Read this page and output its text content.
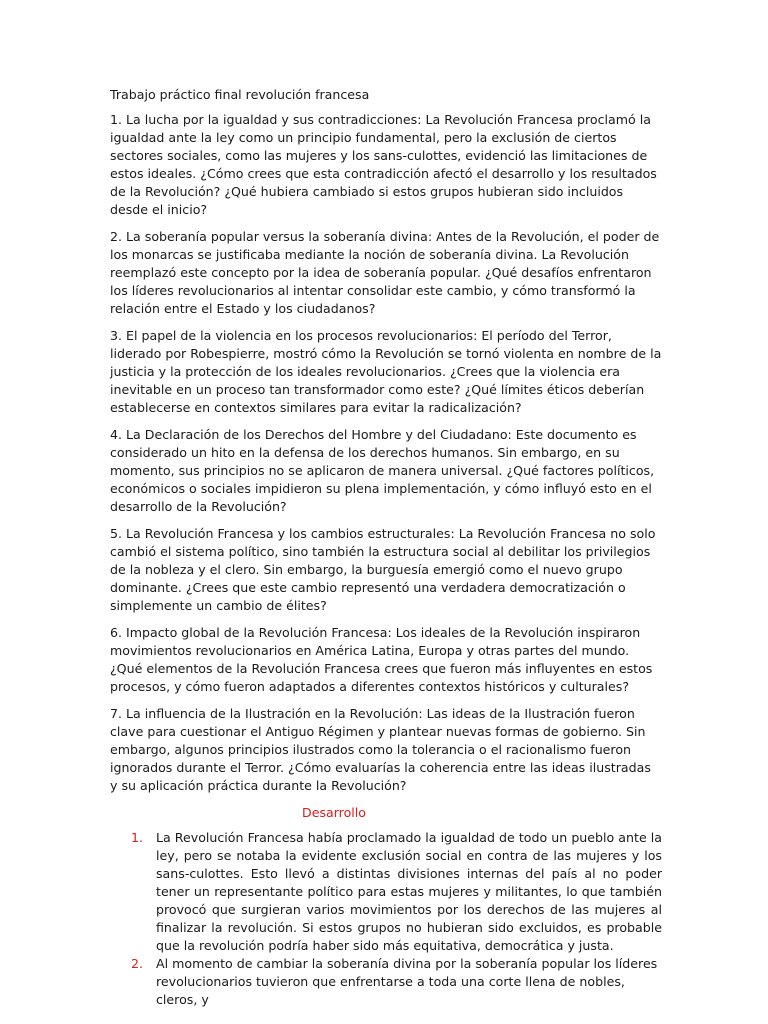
Trabajo práctico final revolución francesa

1. La lucha por la igualdad y sus contradicciones: La Revolución Francesa proclamó la igualdad ante la ley como un principio fundamental, pero la exclusión de ciertos sectores sociales, como las mujeres y los sans-culottes, evidenció las limitaciones de estos ideales. ¿Cómo crees que esta contradicción afectó el desarrollo y los resultados de la Revolución? ¿Qué hubiera cambiado si estos grupos hubieran sido incluidos desde el inicio?

2. La soberanía popular versus la soberanía divina: Antes de la Revolución, el poder de los monarcas se justificaba mediante la noción de soberanía divina. La Revolución reemplazó este concepto por la idea de soberanía popular. ¿Qué desafíos enfrentaron los líderes revolucionarios al intentar consolidar este cambio, y cómo transformó la relación entre el Estado y los ciudadanos?

3. El papel de la violencia en los procesos revolucionarios: El período del Terror, liderado por Robespierre, mostró cómo la Revolución se tornó violenta en nombre de la justicia y la protección de los ideales revolucionarios. ¿Crees que la violencia era inevitable en un proceso tan transformador como este? ¿Qué límites éticos deberían establecerse en contextos similares para evitar la radicalización?

4. La Declaración de los Derechos del Hombre y del Ciudadano: Este documento es considerado un hito en la defensa de los derechos humanos. Sin embargo, en su momento, sus principios no se aplicaron de manera universal. ¿Qué factores políticos, económicos o sociales impidieron su plena implementación, y cómo influyó esto en el desarrollo de la Revolución?

5. La Revolución Francesa y los cambios estructurales: La Revolución Francesa no solo cambió el sistema político, sino también la estructura social al debilitar los privilegios de la nobleza y el clero. Sin embargo, la burguesía emergió como el nuevo grupo dominante. ¿Crees que este cambio representó una verdadera democratización o simplemente un cambio de élites?

6. Impacto global de la Revolución Francesa: Los ideales de la Revolución inspiraron movimientos revolucionarios en América Latina, Europa y otras partes del mundo. ¿Qué elementos de la Revolución Francesa crees que fueron más influyentes en estos procesos, y cómo fueron adaptados a diferentes contextos históricos y culturales?

7. La influencia de la Ilustración en la Revolución: Las ideas de la Ilustración fueron clave para cuestionar el Antiguo Régimen y plantear nuevas formas de gobierno. Sin embargo, algunos principios ilustrados como la tolerancia o el racionalismo fueron ignorados durante el Terror. ¿Cómo evaluarías la coherencia entre las ideas ilustradas y su aplicación práctica durante la Revolución?

Desarrollo

1. La Revolución Francesa había proclamado la igualdad de todo un pueblo ante la ley, pero se notaba la evidente exclusión social en contra de las mujeres y los sans-culottes. Esto llevó a distintas divisiones internas del país al no poder tener un representante político para estas mujeres y militantes, lo que también provocó que surgieran varios movimientos por los derechos de las mujeres al finalizar la revolución. Si estos grupos no hubieran sido excluidos, es probable que la revolución podría haber sido más equitativa, democrática y justa.
2. Al momento de cambiar la soberanía divina por la soberanía popular los líderes revolucionarios tuvieron que enfrentarse a toda una corte llena de nobles, cleros, y
